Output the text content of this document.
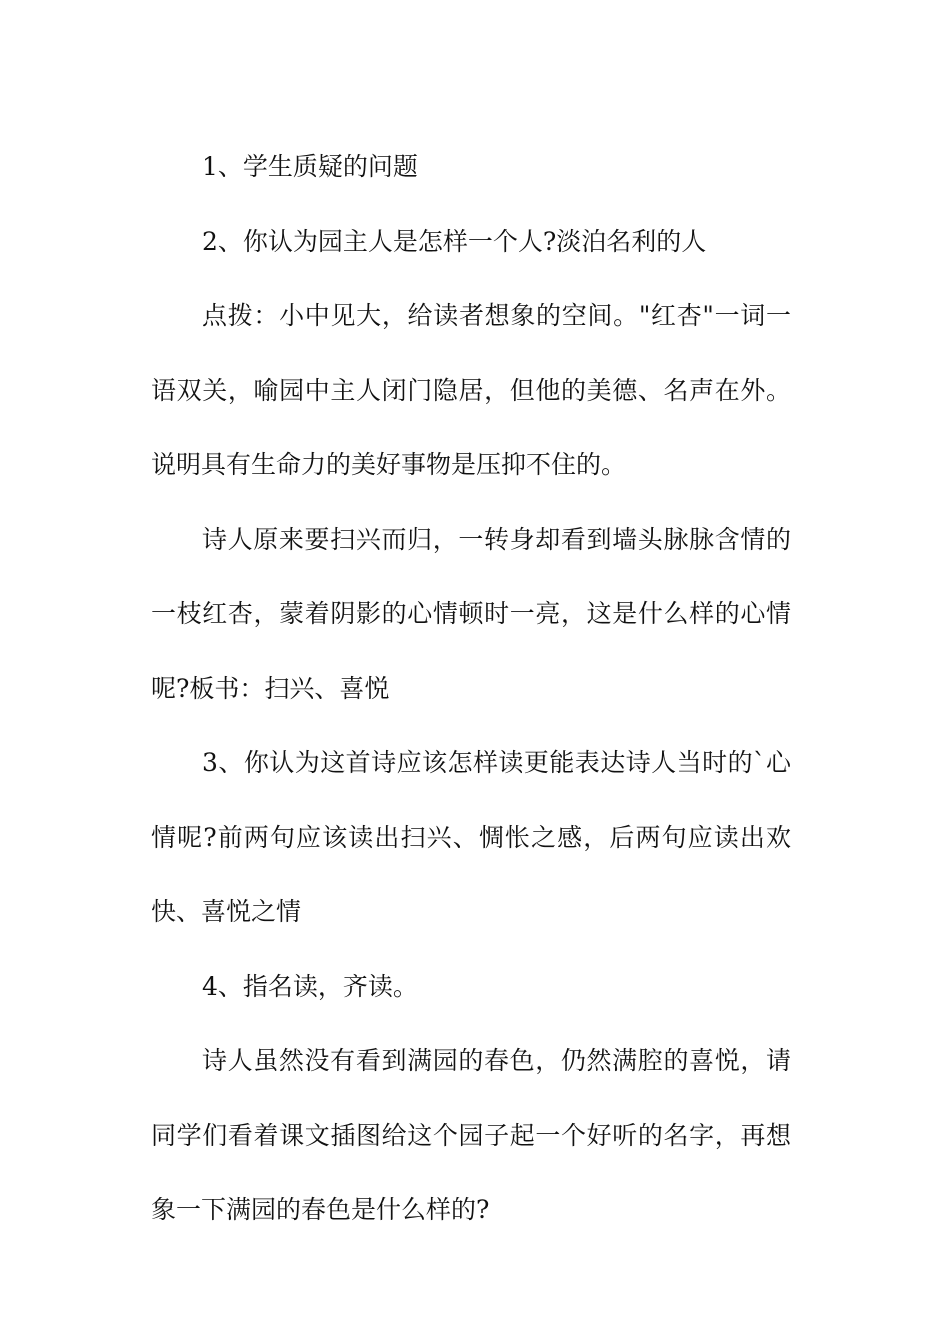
1、学生质疑的问题

2、你认为园主人是怎样一个人?淡泊名利的人

点拨：小中见大，给读者想象的空间。"红杏"一词一语双关，喻园中主人闭门隐居，但他的美德、名声在外。说明具有生命力的美好事物是压抑不住的。

诗人原来要扫兴而归，一转身却看到墙头脉脉含情的一枝红杏，蒙着阴影的心情顿时一亮，这是什么样的心情呢?板书：扫兴、喜悦

3、你认为这首诗应该怎样读更能表达诗人当时的`心情呢?前两句应该读出扫兴、惆怅之感，后两句应读出欢快、喜悦之情

4、指名读，齐读。

诗人虽然没有看到满园的春色，仍然满腔的喜悦，请同学们看着课文插图给这个园子起一个好听的名字，再想象一下满园的春色是什么样的?
